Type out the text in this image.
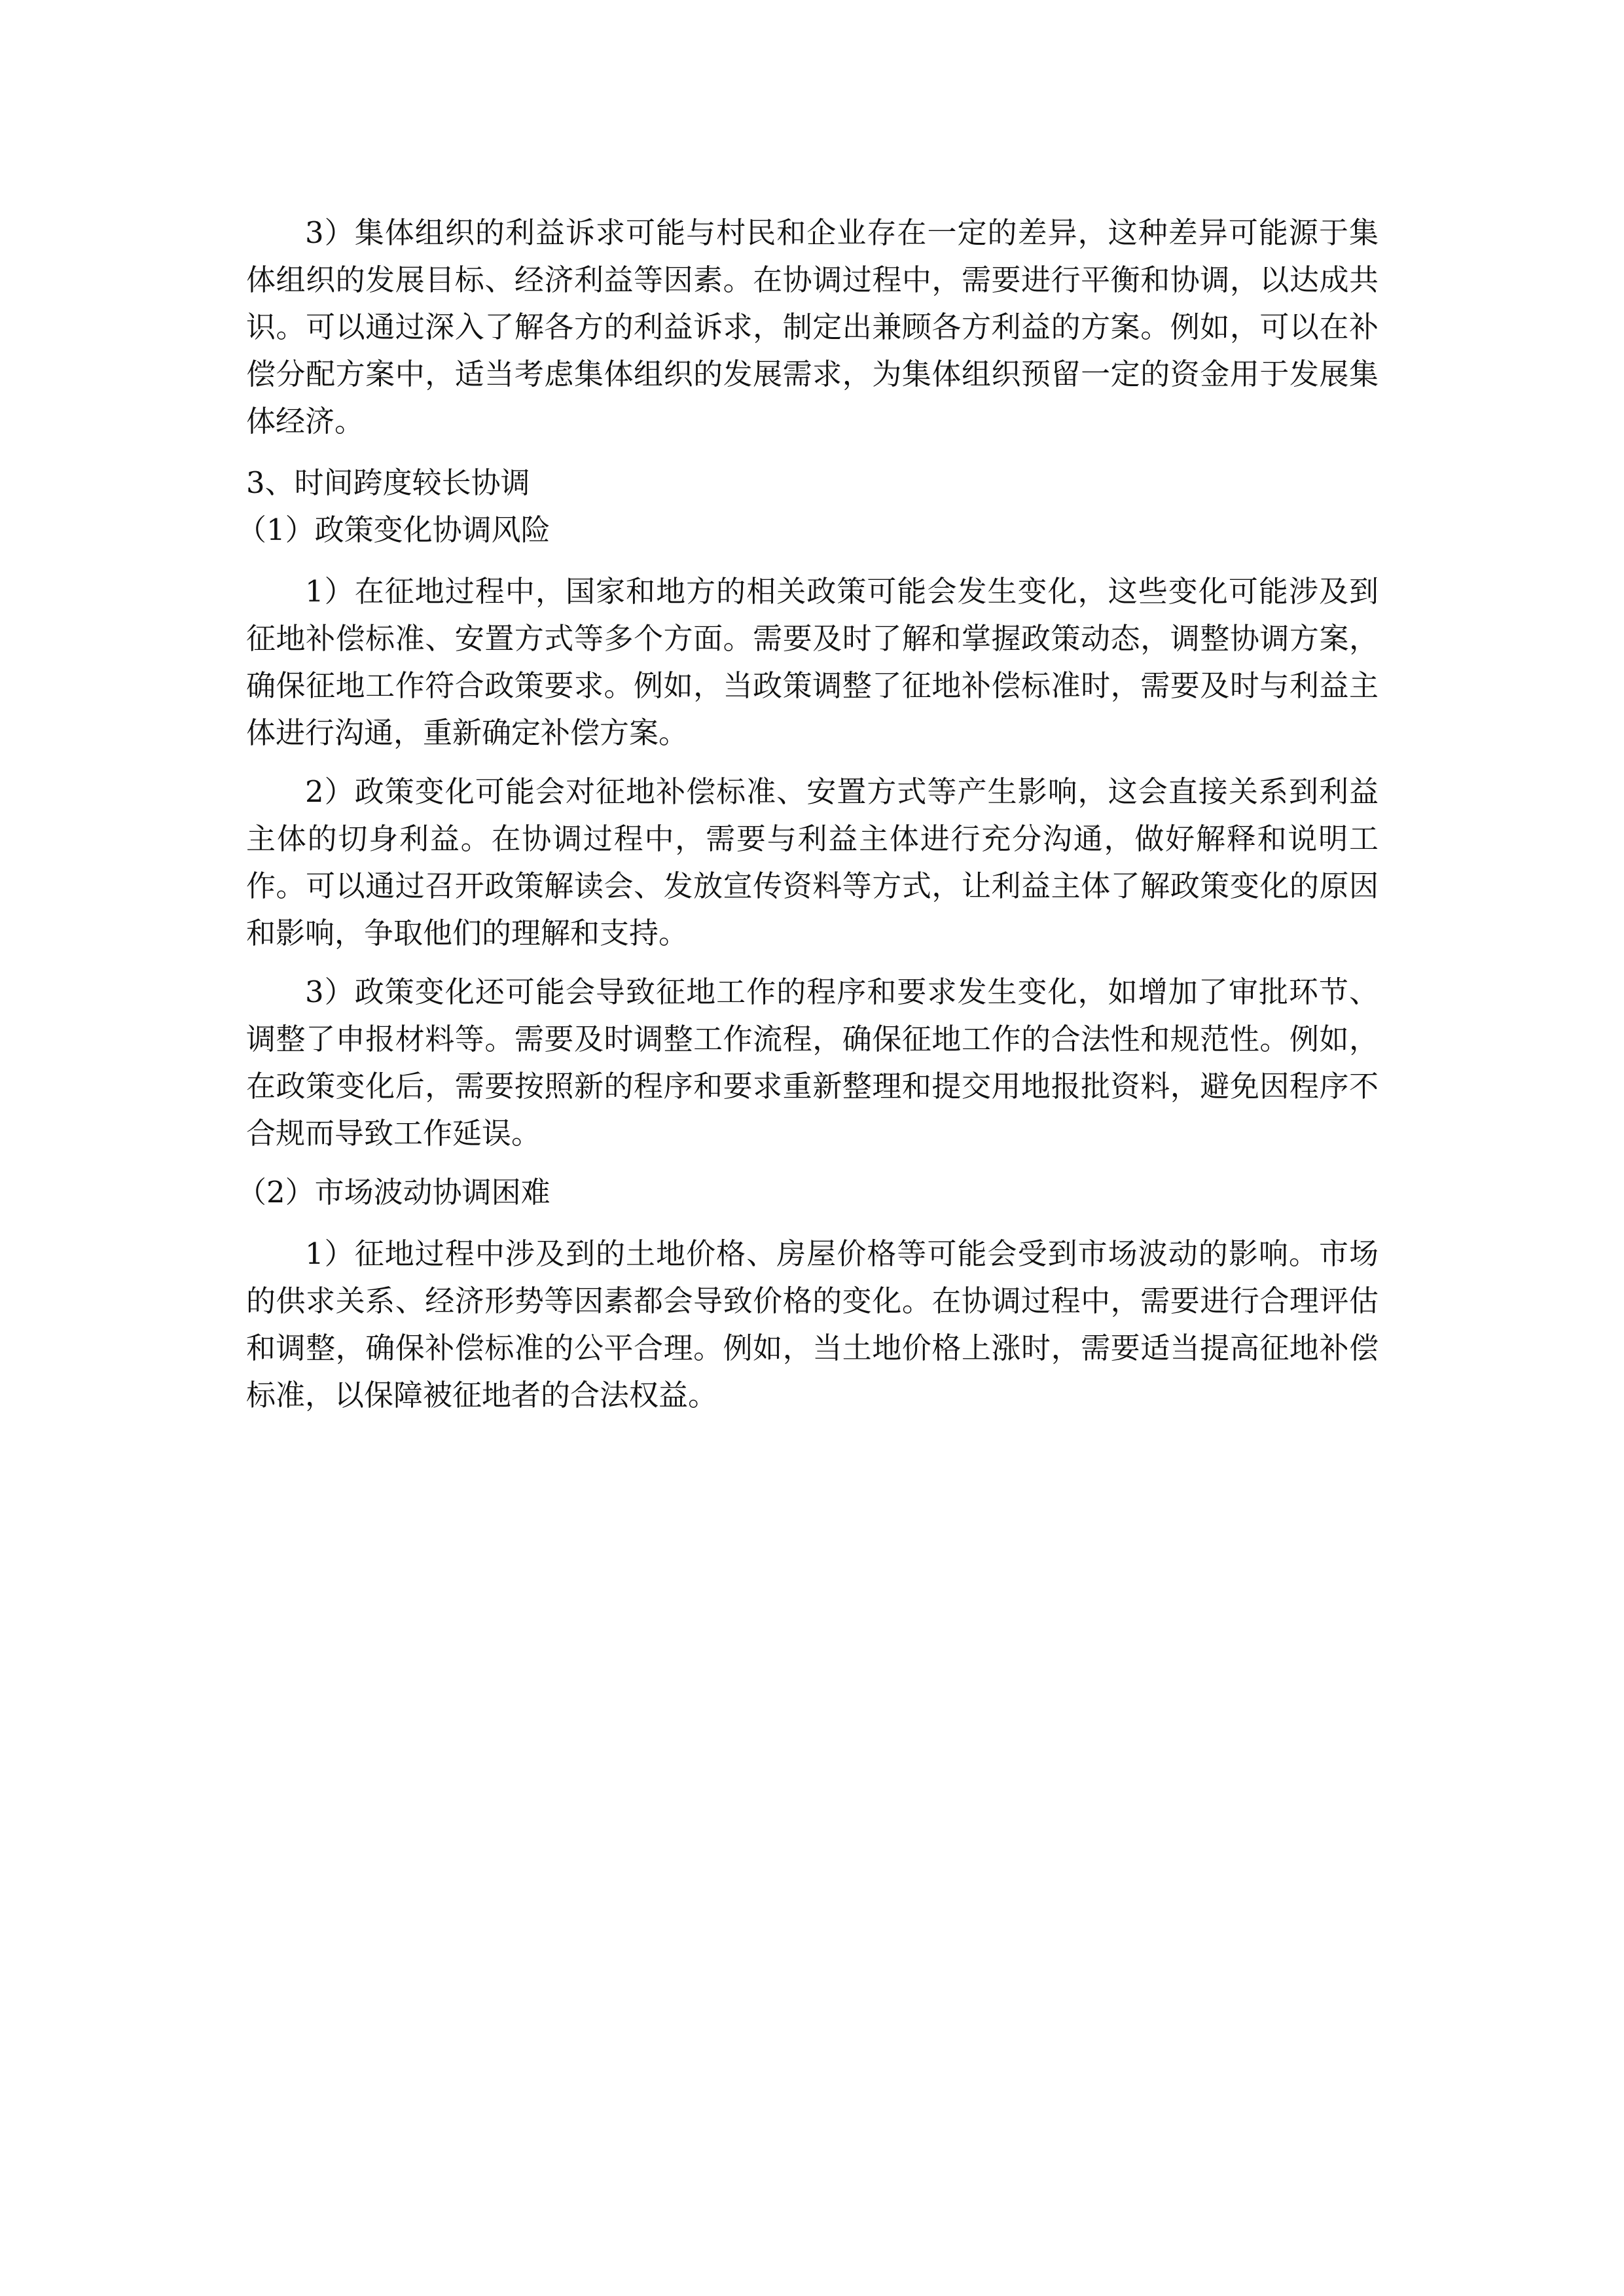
3）集体组织的利益诉求可能与村民和企业存在一定的差异，这种差异可能源于集体组织的发展目标、经济利益等因素。在协调过程中，需要进行平衡和协调，以达成共识。可以通过深入了解各方的利益诉求，制定出兼顾各方利益的方案。例如，可以在补偿分配方案中，适当考虑集体组织的发展需求，为集体组织预留一定的资金用于发展集体经济。

3、时间跨度较长协调

（1）政策变化协调风险

1）在征地过程中，国家和地方的相关政策可能会发生变化，这些变化可能涉及到征地补偿标准、安置方式等多个方面。需要及时了解和掌握政策动态，调整协调方案，确保征地工作符合政策要求。例如，当政策调整了征地补偿标准时，需要及时与利益主体进行沟通，重新确定补偿方案。

2）政策变化可能会对征地补偿标准、安置方式等产生影响，这会直接关系到利益主体的切身利益。在协调过程中，需要与利益主体进行充分沟通，做好解释和说明工作。可以通过召开政策解读会、发放宣传资料等方式，让利益主体了解政策变化的原因和影响，争取他们的理解和支持。

3）政策变化还可能会导致征地工作的程序和要求发生变化，如增加了审批环节、调整了申报材料等。需要及时调整工作流程，确保征地工作的合法性和规范性。例如，在政策变化后，需要按照新的程序和要求重新整理和提交用地报批资料，避免因程序不合规而导致工作延误。

（2）市场波动协调困难

1）征地过程中涉及到的土地价格、房屋价格等可能会受到市场波动的影响。市场的供求关系、经济形势等因素都会导致价格的变化。在协调过程中，需要进行合理评估和调整，确保补偿标准的公平合理。例如，当土地价格上涨时，需要适当提高征地补偿标准，以保障被征地者的合法权益。
